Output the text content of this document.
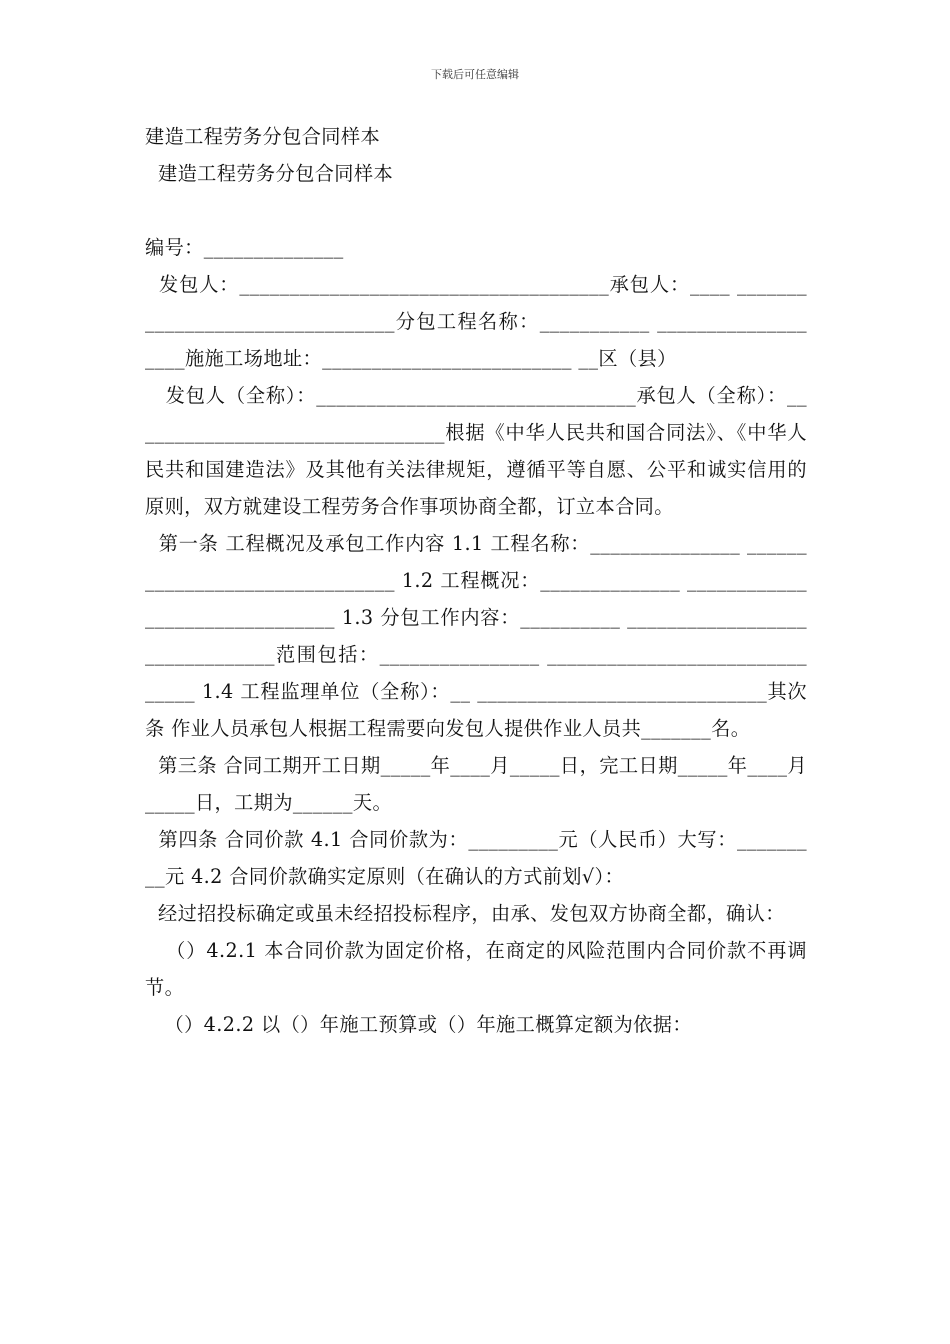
下载后可任意编辑

建造工程劳务分包合同样本

建造工程劳务分包合同样本

编号：______________

发包人：_____________________________________承包人：____ ________________________________分包工程名称：___________ ___________________施施工场地址：_________________________ __区（县）

发包人（全称）：________________________________承包人（全称）：________________________________根据《中华人民共和国合同法》、《中华人民共和国建造法》及其他有关法律规矩，遵循平等自愿、公平和诚实信用的原则，双方就建设工程劳务合作事项协商全都，订立本合同。

第一条 工程概况及承包工作内容 1.1 工程名称：_______________ _______________________________ 1.2 工程概况：______________ _______________________________ 1.3 分包工作内容：__________ _______________________________范围包括：________________ _______________________________ 1.4 工程监理单位（全称）：__ _____________________________其次条 作业人员承包人根据工程需要向发包人提供作业人员共_______名。

第三条 合同工期开工日期_____年____月_____日，完工日期_____年____月_____日，工期为______天。

第四条 合同价款 4.1 合同价款为：_________元（人民币）大写：_________元 4.2 合同价款确实定原则（在确认的方式前划√）：

经过招投标确定或虽未经招投标程序，由承、发包双方协商全都，确认：

（）4.2.1 本合同价款为固定价格，在商定的风险范围内合同价款不再调节。

（）4.2.2 以（）年施工预算或（）年施工概算定额为依据：
